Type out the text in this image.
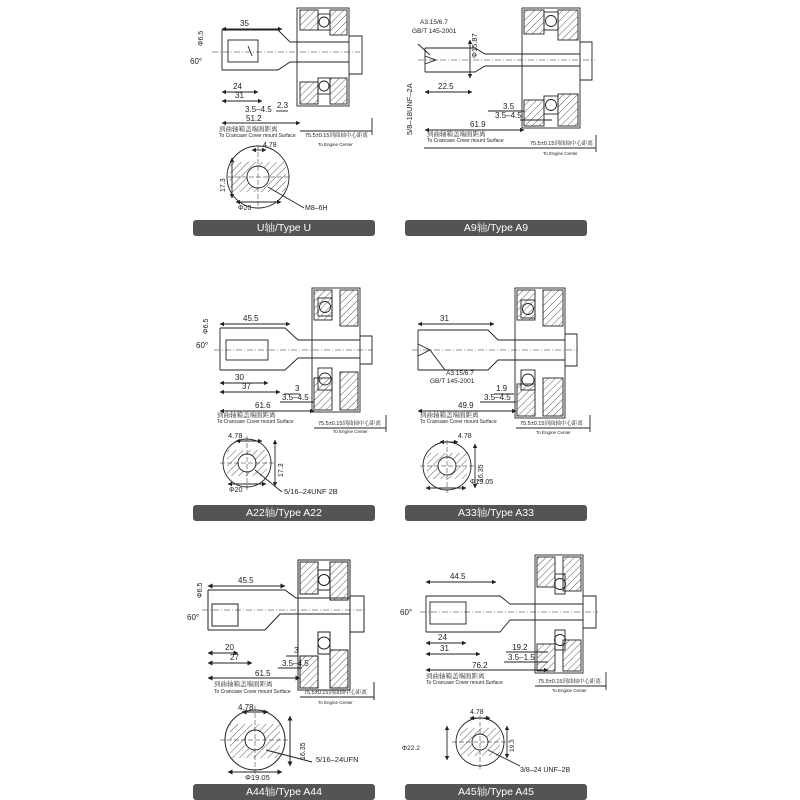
35
Φ6.5
60°
24
31
2.3
3.5–4.5
51.2
到曲轴箱盖端面距离
To Crancase Cover mount Surface 75.5±0.15到曲轴中心距离
To Engine Center
4.78
17.3
Φ20	M8–6H
A3.15/6.7
GB/T 145-2001
Φ15.87
5/8–18UNF–2A	22.5
3.5
3.5–4.5
61.9
到曲轴箱盖端面距离
To Crancase Cover mount Surface	75.5±0.15到曲轴中心距离
To Engine Center
45.5
Φ6.5
60°
30
37	3
3.5–4.5
61.6
到曲轴箱盖端面距离
To Crancase Cover mount Surface	75.5±0.15到曲轴中心距离
To Engine Center
4.78
17.3
Φ20	5/16–24UNF 2B
31
A3.15/6.7
GB/T 145-2001
1.9
3.5–4.5
49.9
到曲轴箱盖端面距离
To Crancase Cover mount Surface	75.5±0.15到曲轴中心距离
To Engine Center
4.78
16.35
Φ19.05
45.5
Φ6.5
60°
20
27
3
3.5–4.5
61.5
到曲轴箱盖端面距离
To Crancase Cover mount Surface 75.5±0.15到曲轴中心距离
To Engine Center
4.78
16.35
Φ19.05
5/16–24UFN
44.5
60°
24
31	19.2
3.5–1.5
76.2
到曲轴箱盖端面距离
To Crancase Cover mount Surface	75.5±0.15到曲轴中心距离
To Engine Center
4.78
Φ22.2	19.3
3/8–24 UNF–2B
U轴/Type U	A9轴/Type A9
A22轴/Type A22	A33轴/Type A33
A44轴/Type A44	A45轴/Type A45
